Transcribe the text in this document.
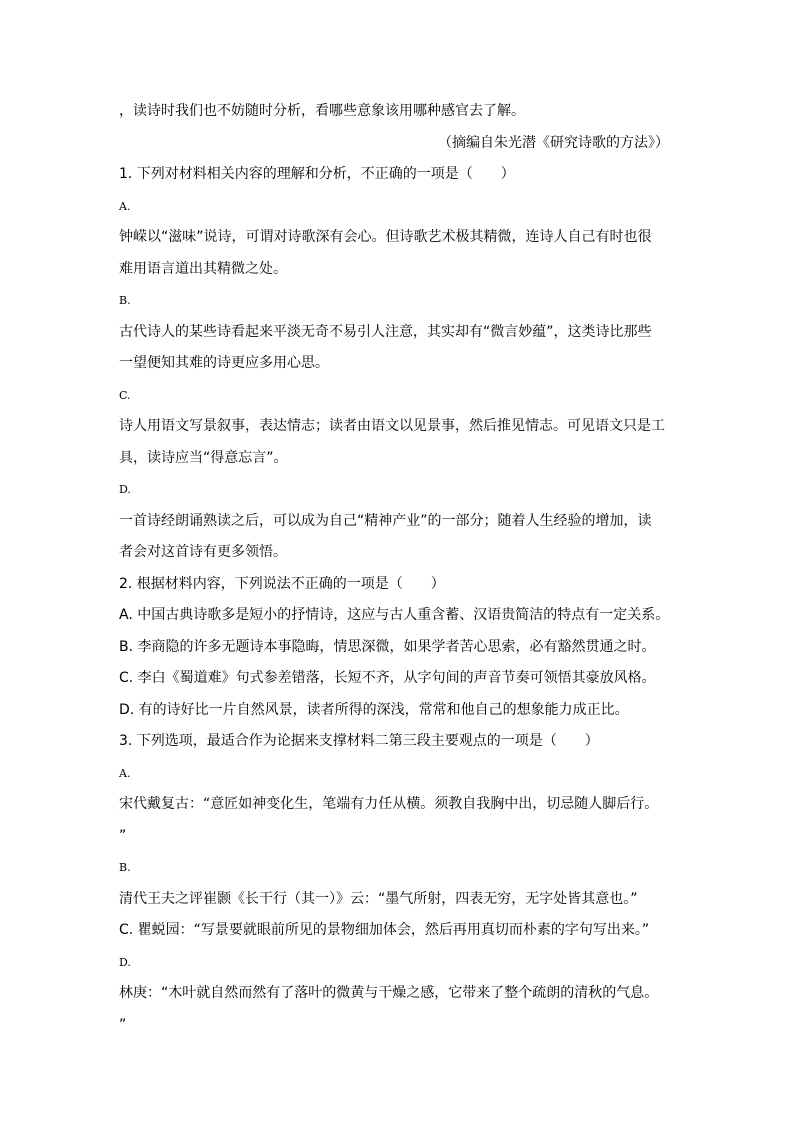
，读诗时我们也不妨随时分析，看哪些意象该用哪种感官去了解。
（摘编自朱光潜《研究诗歌的方法》）
1. 下列对材料相关内容的理解和分析，不正确的一项是（　　）
A.
钟嵘以“滋味”说诗，可谓对诗歌深有会心。但诗歌艺术极其精微，连诗人自己有时也很
难用语言道出其精微之处。
B.
古代诗人的某些诗看起来平淡无奇不易引人注意，其实却有“微言妙蕴”，这类诗比那些
一望便知其难的诗更应多用心思。
C.
诗人用语文写景叙事，表达情志；读者由语文以见景事，然后推见情志。可见语文只是工
具，读诗应当“得意忘言”。
D.
一首诗经朗诵熟读之后，可以成为自己“精神产业”的一部分；随着人生经验的增加，读
者会对这首诗有更多领悟。
2. 根据材料内容，下列说法不正确的一项是（　　）
A. 中国古典诗歌多是短小的抒情诗，这应与古人重含蓄、汉语贵简洁的特点有一定关系。
B. 李商隐的许多无题诗本事隐晦，情思深微，如果学者苦心思索，必有豁然贯通之时。
C. 李白《蜀道难》句式参差错落，长短不齐，从字句间的声音节奏可领悟其豪放风格。
D. 有的诗好比一片自然风景，读者所得的深浅，常常和他自己的想象能力成正比。
3. 下列选项，最适合作为论据来支撑材料二第三段主要观点的一项是（　　）
A.
宋代戴复古：“意匠如神变化生，笔端有力任从横。须教自我胸中出，切忌随人脚后行。
”
B.
清代王夫之评崔颢《长干行（其一）》云：“墨气所射，四表无穷，无字处皆其意也。”
C. 瞿蜕园：“写景要就眼前所见的景物细加体会，然后再用真切而朴素的字句写出来。”
D.
林庚：“木叶就自然而然有了落叶的微黄与干燥之感，它带来了整个疏朗的清秋的气息。
”
